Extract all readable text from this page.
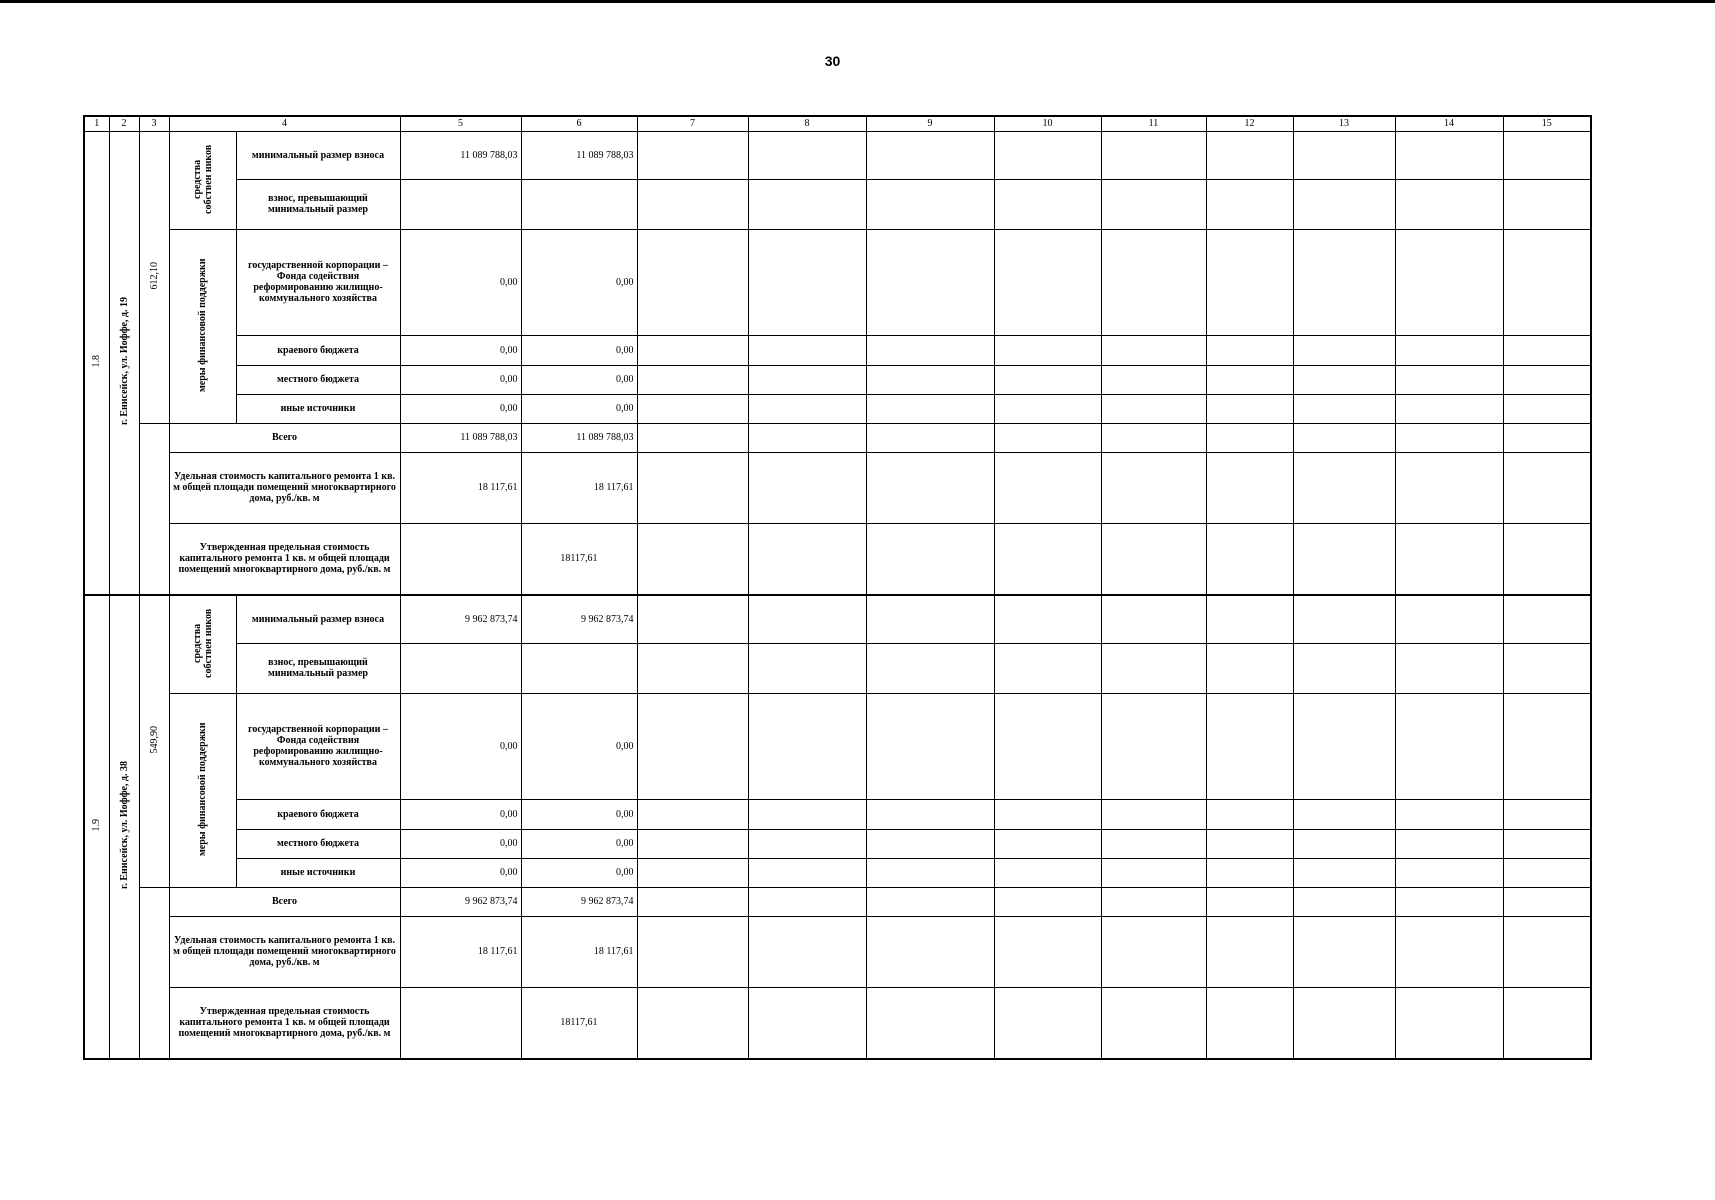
30
1	2	3	4		5	6	7	8	9	10	11	12	13	14	15
1.8	г. Енисейск, ул. Иоффе, д. 19	612,10	средства собствен ников	минимальный размер взноса	11 089 788,03	11 089 788,03									
				взнос, превышающий минимальный размер											
			меры финансовой поддержки	государственной корпорации – Фонда содействия реформированию жилищно-коммунального хозяйства	0,00	0,00									
				краевого бюджета	0,00	0,00									
				местного бюджета	0,00	0,00									
				иные источники	0,00	0,00									
			Всего		11 089 788,03	11 089 788,03									
			Удельная стоимость капитального ремонта 1 кв. м общей площади помещений многоквартирного дома, руб./кв. м		18 117,61	18 117,61									
			Утвержденная предельная стоимость капитального ремонта 1 кв. м общей площади помещений многоквартирного дома, руб./кв. м			18117,61									
1.9	г. Енисейск, ул. Иоффе, д. 38	549,90	средства собствен ников	минимальный размер взноса	9 962 873,74	9 962 873,74									
				взнос, превышающий минимальный размер											
			меры финансовой поддержки	государственной корпорации – Фонда содействия реформированию жилищно-коммунального хозяйства	0,00	0,00									
				краевого бюджета	0,00	0,00									
				местного бюджета	0,00	0,00									
				иные источники	0,00	0,00									
			Всего		9 962 873,74	9 962 873,74									
			Удельная стоимость капитального ремонта 1 кв. м общей площади помещений многоквартирного дома, руб./кв. м		18 117,61	18 117,61									
			Утвержденная предельная стоимость капитального ремонта 1 кв. м общей площади помещений многоквартирного дома, руб./кв. м			18117,61									
